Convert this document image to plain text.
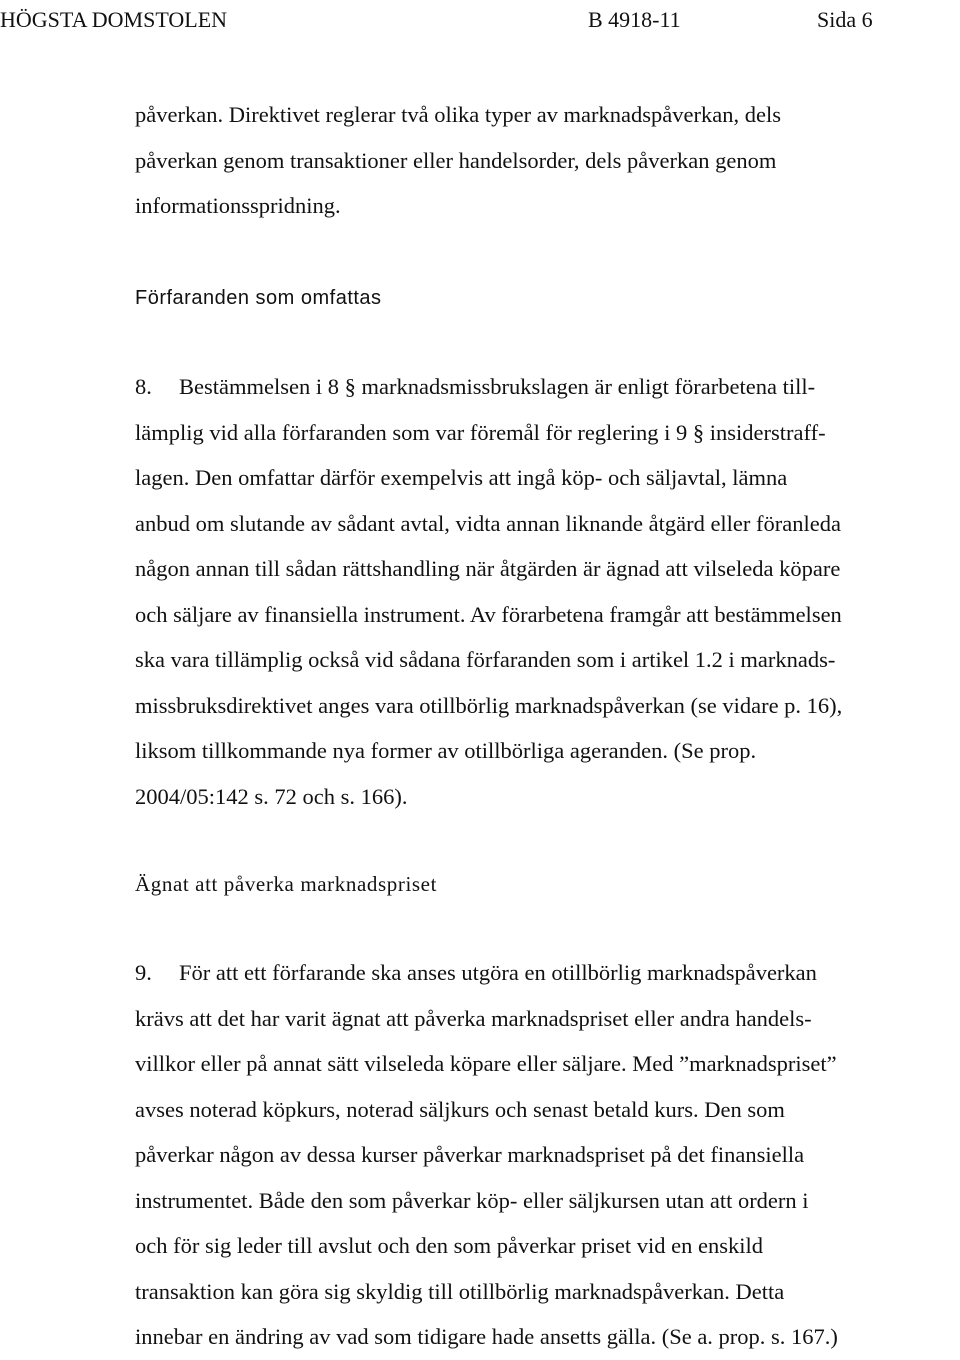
HÖGSTA DOMSTOLEN	B 4918-11	Sida 6
påverkan. Direktivet reglerar två olika typer av marknadspåverkan, dels
påverkan genom transaktioner eller handelsorder, dels påverkan genom
informationsspridning.
Förfaranden som omfattas
8. Bestämmelsen i 8 § marknadsmissbrukslagen är enligt förarbetena till-
lämplig vid alla förfaranden som var föremål för reglering i 9 § insiderstraff-
lagen. Den omfattar därför exempelvis att ingå köp- och säljavtal, lämna
anbud om slutande av sådant avtal, vidta annan liknande åtgärd eller föranleda
någon annan till sådan rättshandling när åtgärden är ägnad att vilseleda köpare
och säljare av finansiella instrument. Av förarbetena framgår att bestämmelsen
ska vara tillämplig också vid sådana förfaranden som i artikel 1.2 i marknads-
missbruksdirektivet anges vara otillbörlig marknadspåverkan (se vidare p. 16),
liksom tillkommande nya former av otillbörliga ageranden. (Se prop.
2004/05:142 s. 72 och s. 166).
Ägnat att påverka marknadspriset
9. För att ett förfarande ska anses utgöra en otillbörlig marknadspåverkan
krävs att det har varit ägnat att påverka marknadspriset eller andra handels-
villkor eller på annat sätt vilseleda köpare eller säljare. Med ”marknadspriset”
avses noterad köpkurs, noterad säljkurs och senast betald kurs. Den som
påverkar någon av dessa kurser påverkar marknadspriset på det finansiella
instrumentet. Både den som påverkar köp- eller säljkursen utan att ordern i
och för sig leder till avslut och den som påverkar priset vid en enskild
transaktion kan göra sig skyldig till otillbörlig marknadspåverkan. Detta
innebar en ändring av vad som tidigare hade ansetts gälla. (Se a. prop. s. 167.)
